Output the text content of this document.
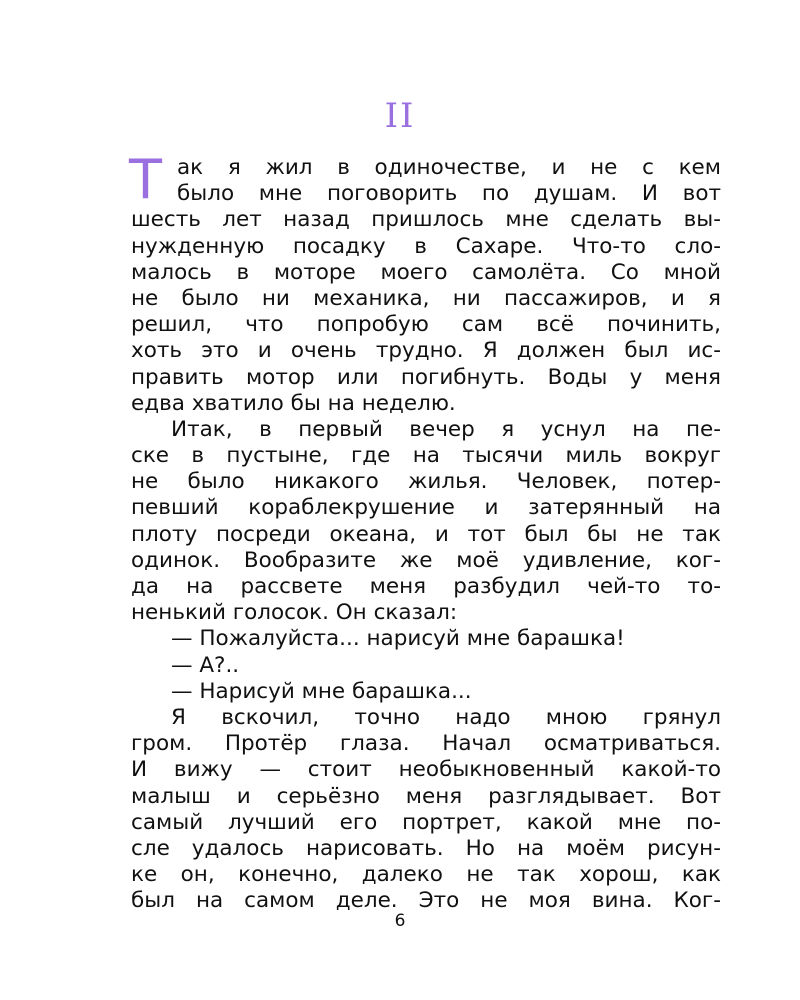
II
Т ак я жил в одиночестве, и не с кем
было мне поговорить по душам. И вот
шесть лет назад пришлось мне сделать вы-
нужденную посадку в Сахаре. Что-то сло-
малось в моторе моего самолёта. Со мной
не было ни механика, ни пассажиров, и я
решил, что попробую сам всё починить,
хоть это и очень трудно. Я должен был ис-
править мотор или погибнуть. Воды у меня
едва хватило бы на неделю.
Итак, в первый вечер я уснул на пе-
ске в пустыне, где на тысячи миль вокруг
не было никакого жилья. Человек, потер-
певший кораблекрушение и затерянный на
плоту посреди океана, и тот был бы не так
одинок. Вообразите же моё удивление, ког-
да на рассвете меня разбудил чей-то то-
ненький голосок. Он сказал:
— Пожалуйста... нарисуй мне барашка!
— А?..
— Нарисуй мне барашка...
Я вскочил, точно надо мною грянул
гром. Протёр глаза. Начал осматриваться.
И вижу — стоит необыкновенный какой-то
малыш и серьёзно меня разглядывает. Вот
самый лучший его портрет, какой мне по-
сле удалось нарисовать. Но на моём рисун-
ке он, конечно, далеко не так хорош, как
был на самом деле. Это не моя вина. Ког-
6
